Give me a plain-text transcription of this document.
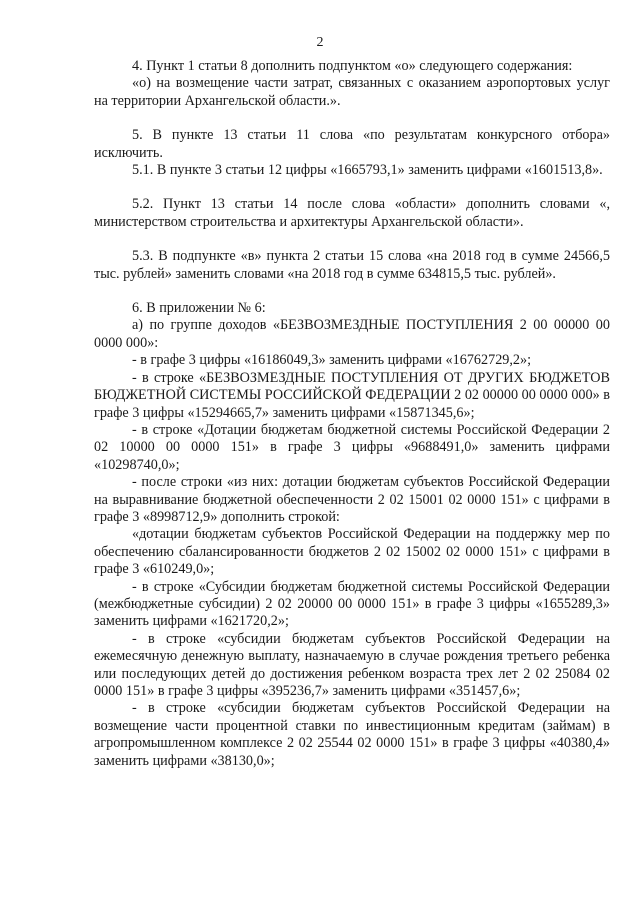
2

4. Пункт 1 статьи 8 дополнить подпунктом «о» следующего содержания:

«о) на возмещение части затрат, связанных с оказанием аэропортовых услуг на территории Архангельской области.».

5. В пункте 13 статьи 11 слова «по результатам конкурсного отбора» исключить.

5.1. В пункте 3 статьи 12 цифры «1665793,1» заменить цифрами «1601513,8».

5.2. Пункт 13 статьи 14 после слова «области» дополнить словами «, министерством строительства и архитектуры Архангельской области».

5.3. В подпункте «в» пункта 2 статьи 15 слова «на 2018 год в сумме 24566,5 тыс. рублей» заменить словами «на 2018 год в сумме 634815,5 тыс. рублей».

6. В приложении № 6:

а) по группе доходов «БЕЗВОЗМЕЗДНЫЕ ПОСТУПЛЕНИЯ 2 00 00000 00 0000 000»:

- в графе 3 цифры «16186049,3» заменить цифрами «16762729,2»;

- в строке «БЕЗВОЗМЕЗДНЫЕ ПОСТУПЛЕНИЯ ОТ ДРУГИХ БЮДЖЕТОВ БЮДЖЕТНОЙ СИСТЕМЫ РОССИЙСКОЙ ФЕДЕРАЦИИ 2 02 00000 00 0000 000» в графе 3 цифры «15294665,7» заменить цифрами «15871345,6»;

- в строке «Дотации бюджетам бюджетной системы Российской Федерации 2 02 10000 00 0000 151» в графе 3 цифры «9688491,0» заменить цифрами «10298740,0»;

- после строки «из них: дотации бюджетам субъектов Российской Федерации на выравнивание бюджетной обеспеченности 2 02 15001 02 0000 151» с цифрами в графе 3 «8998712,9» дополнить строкой:

«дотации бюджетам субъектов Российской Федерации на поддержку мер по обеспечению сбалансированности бюджетов 2 02 15002 02 0000 151» с цифрами в графе 3 «610249,0»;

- в строке «Субсидии бюджетам бюджетной системы Российской Федерации (межбюджетные субсидии) 2 02 20000 00 0000 151» в графе 3 цифры «1655289,3» заменить цифрами «1621720,2»;

- в строке «субсидии бюджетам субъектов Российской Федерации на ежемесячную денежную выплату, назначаемую в случае рождения третьего ребенка или последующих детей до достижения ребенком возраста трех лет 2 02 25084 02 0000 151» в графе 3 цифры «395236,7» заменить цифрами «351457,6»;

- в строке «субсидии бюджетам субъектов Российской Федерации на возмещение части процентной ставки по инвестиционным кредитам (займам) в агропромышленном комплексе 2 02 25544 02 0000 151» в графе 3 цифры «40380,4» заменить цифрами «38130,0»;
